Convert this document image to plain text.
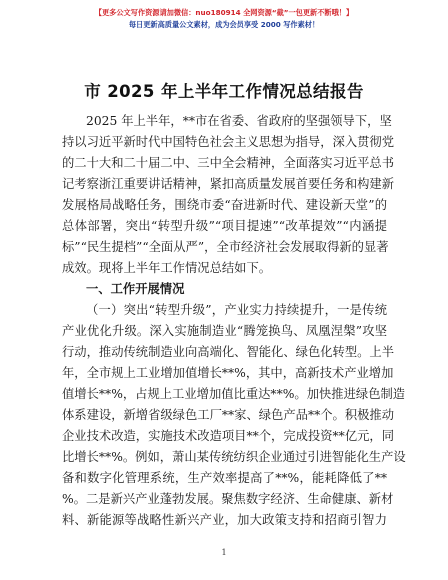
【更多公文写作资源请加微信：nuo180914 全网资源“截”一包更新不断哦！】
每日更新高质量公文素材，成为会员享受 2000 写作素材！
市 2025 年上半年工作情况总结报告
2025 年上半年，**市在省委、省政府的坚强领导下，坚
持以习近平新时代中国特色社会主义思想为指导，深入贯彻党
的二十大和二十届二中、三中全会精神，全面落实习近平总书
记考察浙江重要讲话精神，紧扣高质量发展首要任务和构建新
发展格局战略任务，围绕市委“奋进新时代、建设新天堂”的
总体部署，突出“转型升级”“项目提速”“改革提效”“内涵提
标”“民生提档”“全面从严”，全市经济社会发展取得新的显著
成效。现将上半年工作情况总结如下。
一、工作开展情况
（一）突出“转型升级”，产业实力持续提升，一是传统
产业优化升级。深入实施制造业“腾笼换鸟、凤凰涅槃”攻坚
行动，推动传统制造业向高端化、智能化、绿色化转型。上半
年，全市规上工业增加值增长**%，其中，高新技术产业增加
值增长**%，占规上工业增加值比重达**%。加快推进绿色制造
体系建设，新增省级绿色工厂**家、绿色产品**个。积极推动
企业技术改造，实施技术改造项目**个，完成投资**亿元，同
比增长**%。例如，萧山某传统纺织企业通过引进智能化生产设
备和数字化管理系统，生产效率提高了**%，能耗降低了**
%。二是新兴产业蓬勃发展。聚焦数字经济、生命健康、新材
料、新能源等战略性新兴产业，加大政策支持和招商引智力
1
